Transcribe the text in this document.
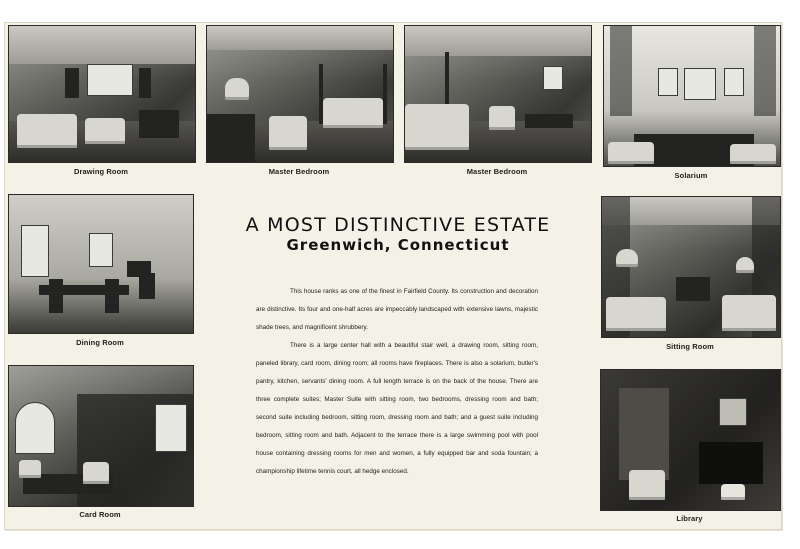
Drawing Room	Master Bedroom	Master Bedroom	Solarium
Dining Room	Sitting Room
Card Room	Library
A MOST DISTINCTIVE ESTATE
Greenwich, Connecticut

This house ranks as one of the finest in Fairfield County. Its construction and decoration are distinctive. Its four and one-half acres are impeccably landscaped with extensive lawns, majestic shade trees, and magnificent shrubbery.

There is a large center hall with a beautiful stair well, a drawing room, sitting room, paneled library, card room, dining room; all rooms have fireplaces. There is also a solarium, butler's pantry, kitchen, servants' dining room. A full length terrace is on the back of the house. There are three complete suites; Master Suite with sitting room, two bedrooms, dressing room and bath; second suite including bedroom, sitting room, dressing room and bath; and a guest suite including bedroom, sitting room and bath. Adjacent to the terrace there is a large swimming pool with pool house containing dressing rooms for men and women, a fully equipped bar and soda fountain; a championship lifetime tennis court, all hedge enclosed.
